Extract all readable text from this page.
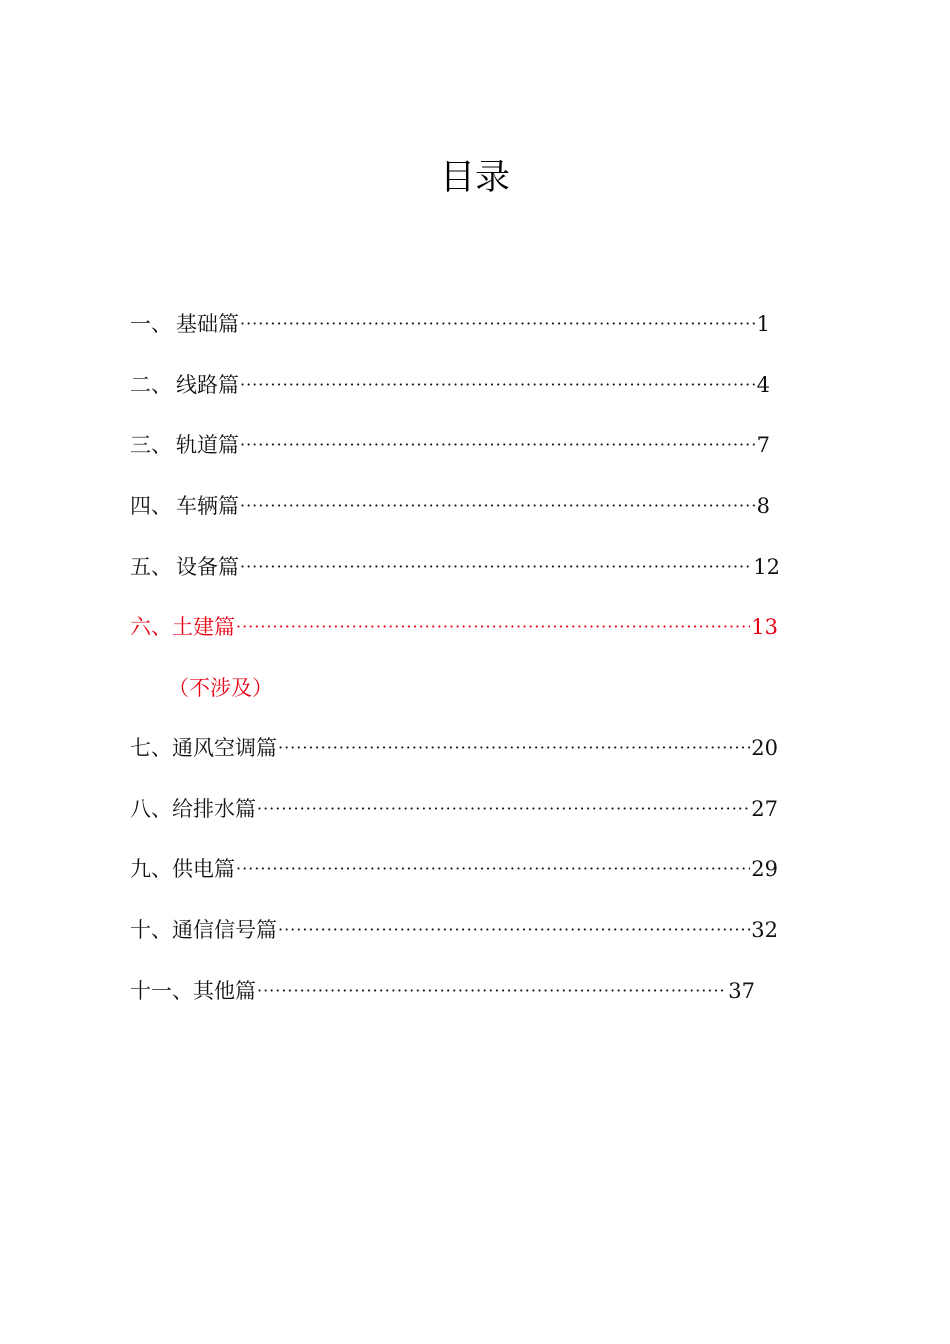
目录
一、 基础篇 ·····	1
二、 线路篇 ·····	4
三、 轨道篇 ·····	7
四、 车辆篇 ·····	8
五、 设备篇 ·····	12
六、 土建篇 ·····	13
（不涉及）
七、 通风空调篇 ·····	20
八、 给排水篇 ·····	27
九、 供电篇 ·····	29
十、 通信信号篇 ·····	32
十一、 其他篇 ·····	37
